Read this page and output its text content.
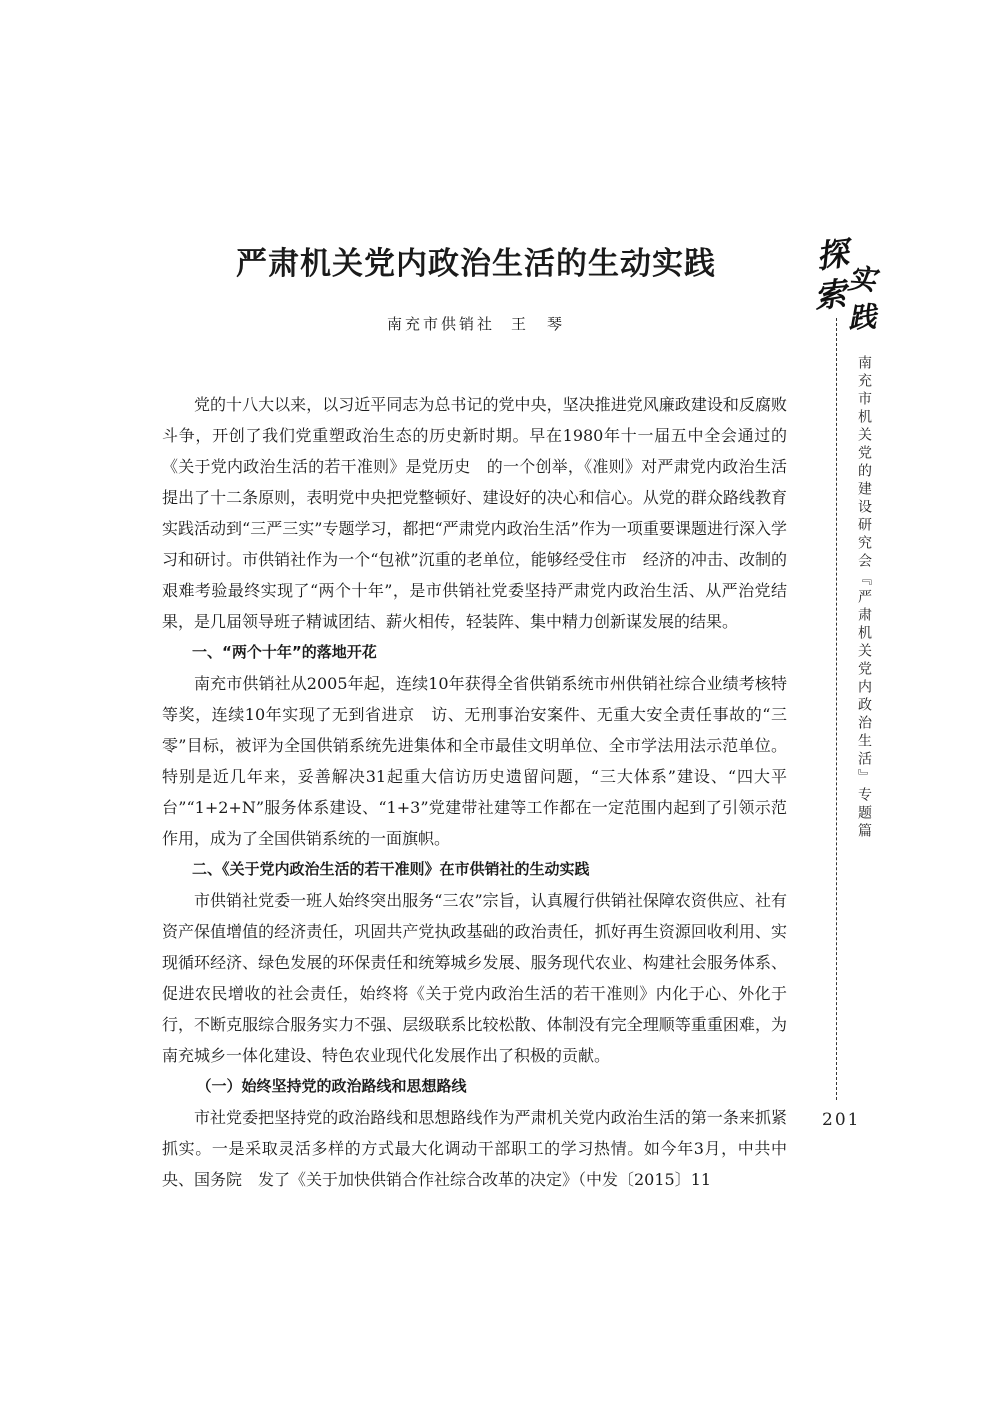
严肃机关党内政治生活的生动实践
南充市供销社 王　琴

党的十八大以来，以习近平同志为总书记的党中央，坚决推进党风廉政建设和反腐败斗争，开创了我们党重塑政治生态的历史新时期。早在1980年十一届五中全会通过的《关于党内政治生活的若干准则》是党历史　的一个创举，《准则》对严肃党内政治生活提出了十二条原则，表明党中央把党整顿好、建设好的决心和信心。从党的群众路线教育实践活动到“三严三实”专题学习，都把“严肃党内政治生活”作为一项重要课题进行深入学习和研讨。市供销社作为一个“包袱”沉重的老单位，能够经受住市　经济的冲击、改制的艰难考验最终实现了“两个十年”，是市供销社党委坚持严肃党内政治生活、从严治党结果，是几届领导班子精诚团结、薪火相传，轻装阵、集中精力创新谋发展的结果。

一、“两个十年”的落地开花

南充市供销社从2005年起，连续10年获得全省供销系统市州供销社综合业绩考核特等奖，连续10年实现了无到省进京　访、无刑事治安案件、无重大安全责任事故的“三零”目标，被评为全国供销系统先进集体和全市最佳文明单位、全市学法用法示范单位。特别是近几年来，妥善解决31起重大信访历史遗留问题，“三大体系”建设、“四大平台”“1+2+N”服务体系建设、“1+3”党建带社建等工作都在一定范围内起到了引领示范作用，成为了全国供销系统的一面旗帜。

二、《关于党内政治生活的若干准则》在市供销社的生动实践

市供销社党委一班人始终突出服务“三农”宗旨，认真履行供销社保障农资供应、社有资产保值增值的经济责任，巩固共产党执政基础的政治责任，抓好再生资源回收利用、实现循环经济、绿色发展的环保责任和统筹城乡发展、服务现代农业、构建社会服务体系、促进农民增收的社会责任，始终将《关于党内政治生活的若干准则》内化于心、外化于行，不断克服综合服务实力不强、层级联系比较松散、体制没有完全理顺等重重困难，为南充城乡一体化建设、特色农业现代化发展作出了积极的贡献。

（一）始终坚持党的政治路线和思想路线

市社党委把坚持党的政治路线和思想路线作为严肃机关党内政治生活的第一条来抓紧抓实。一是采取灵活多样的方式最大化调动干部职工的学习热情。如今年3月，中共中央、国务院　发了《关于加快供销合作社综合改革的决定》（中发〔2015〕11

探
索
实
践
南充市机关党的建设研究会『严肃机关党内政治生活』专题篇
201
